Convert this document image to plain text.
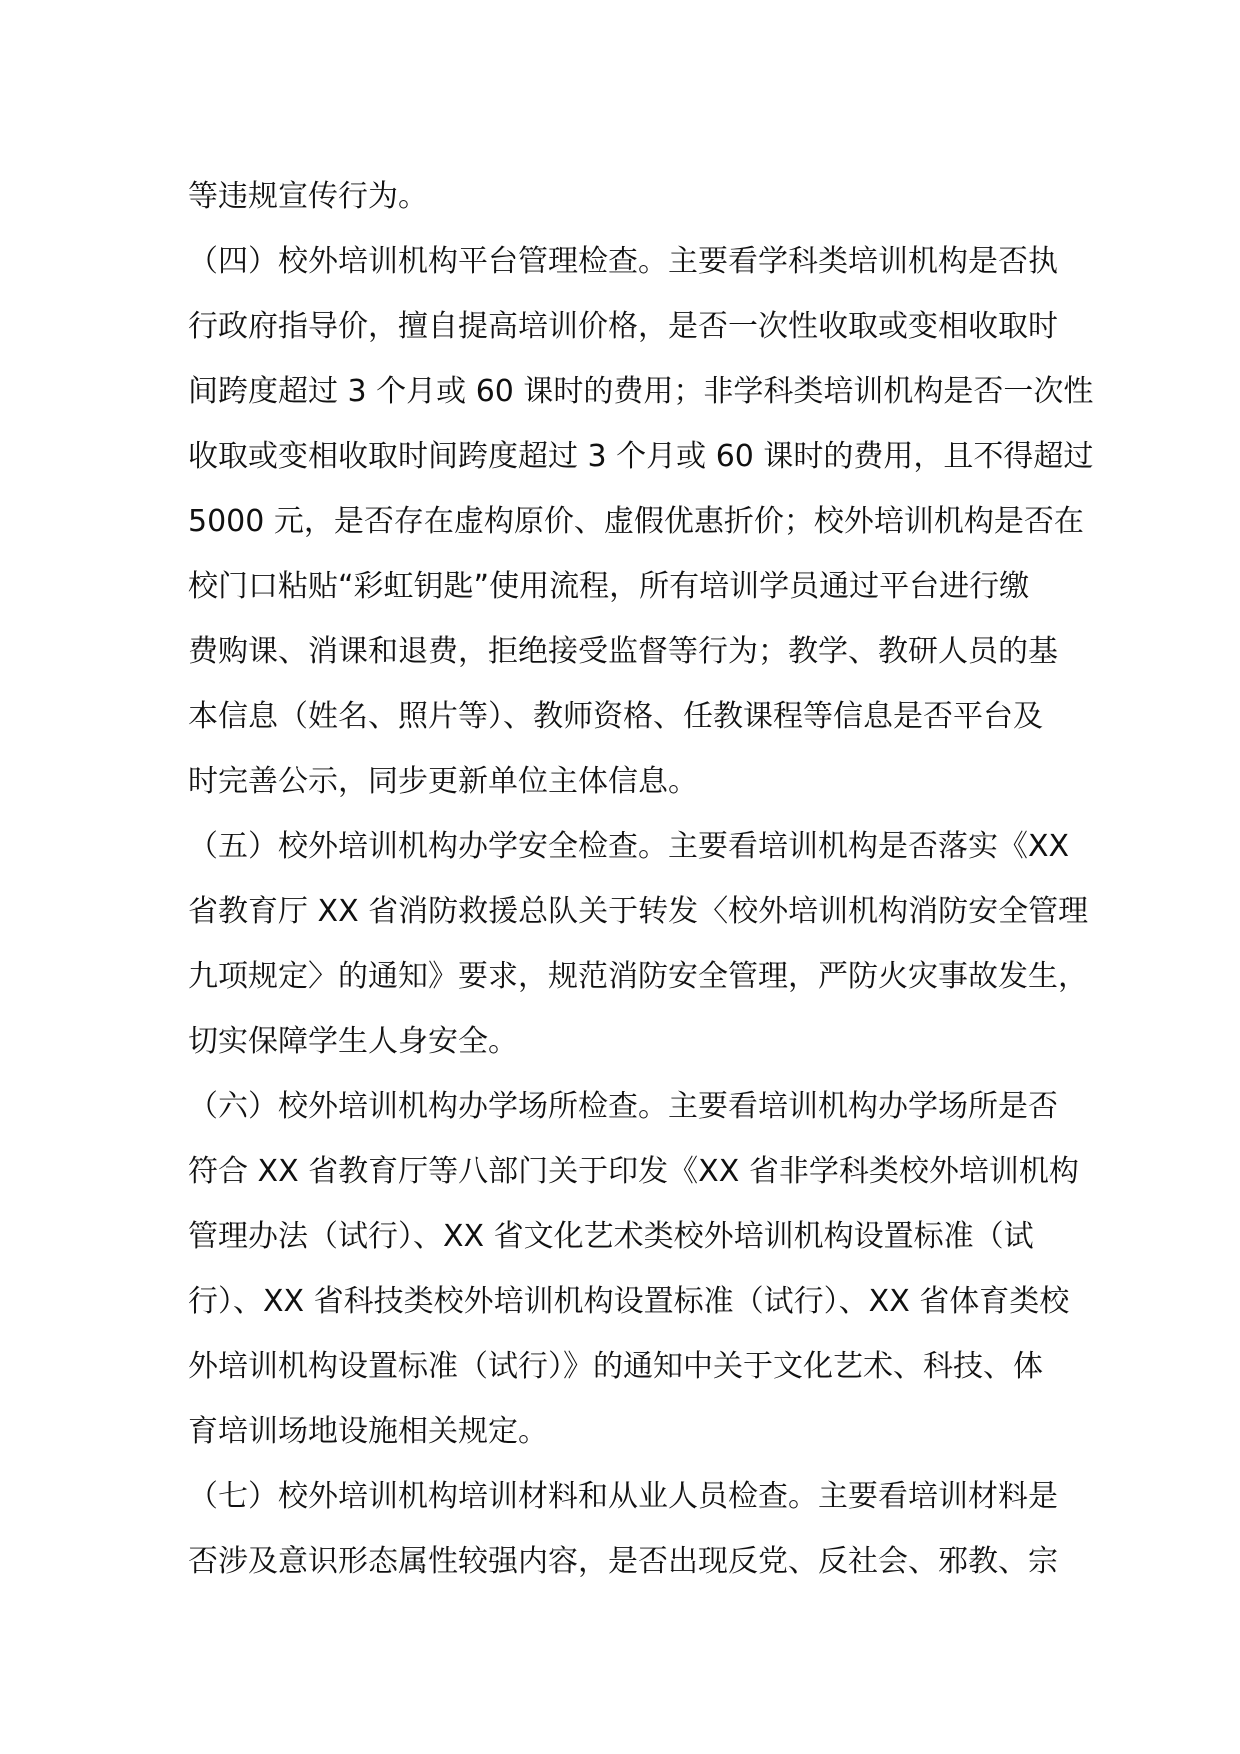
等违规宣传行为。
（四）校外培训机构平台管理检查。主要看学科类培训机构是否执
行政府指导价，擅自提高培训价格，是否一次性收取或变相收取时
间跨度超过 3 个月或 60 课时的费用；非学科类培训机构是否一次性
收取或变相收取时间跨度超过 3 个月或 60 课时的费用，且不得超过
5000 元，是否存在虚构原价、虚假优惠折价；校外培训机构是否在
校门口粘贴“彩虹钥匙”使用流程，所有培训学员通过平台进行缴
费购课、消课和退费，拒绝接受监督等行为；教学、教研人员的基
本信息（姓名、照片等）、教师资格、任教课程等信息是否平台及
时完善公示，同步更新单位主体信息。
（五）校外培训机构办学安全检查。主要看培训机构是否落实《XX
省教育厅 XX 省消防救援总队关于转发〈校外培训机构消防安全管理
九项规定〉的通知》要求，规范消防安全管理，严防火灾事故发生，
切实保障学生人身安全。
（六）校外培训机构办学场所检查。主要看培训机构办学场所是否
符合 XX 省教育厅等八部门关于印发《XX 省非学科类校外培训机构
管理办法（试行）、XX 省文化艺术类校外培训机构设置标准（试
行）、XX 省科技类校外培训机构设置标准（试行）、XX 省体育类校
外培训机构设置标准（试行）》的通知中关于文化艺术、科技、体
育培训场地设施相关规定。
（七）校外培训机构培训材料和从业人员检查。主要看培训材料是
否涉及意识形态属性较强内容，是否出现反党、反社会、邪教、宗
